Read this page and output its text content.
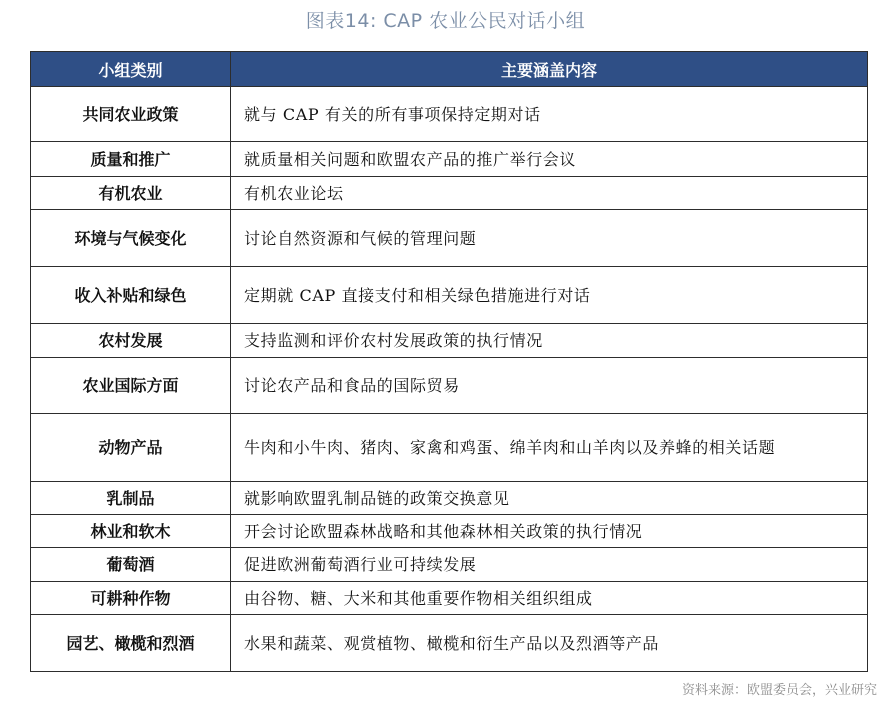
图表14: CAP 农业公民对话小组
小组类别	主要涵盖内容
共同农业政策	就与 CAP 有关的所有事项保持定期对话
质量和推广	就质量相关问题和欧盟农产品的推广举行会议
有机农业	有机农业论坛
环境与气候变化	讨论自然资源和气候的管理问题
收入补贴和绿色	定期就 CAP 直接支付和相关绿色措施进行对话
农村发展	支持监测和评价农村发展政策的执行情况
农业国际方面	讨论农产品和食品的国际贸易
动物产品	牛肉和小牛肉、猪肉、家禽和鸡蛋、绵羊肉和山羊肉以及养蜂的相关话题
乳制品	就影响欧盟乳制品链的政策交换意见
林业和软木	开会讨论欧盟森林战略和其他森林相关政策的执行情况
葡萄酒	促进欧洲葡萄酒行业可持续发展
可耕种作物	由谷物、糖、大米和其他重要作物相关组织组成
园艺、橄榄和烈酒	水果和蔬菜、观赏植物、橄榄和衍生产品以及烈酒等产品
资料来源：欧盟委员会，兴业研究
